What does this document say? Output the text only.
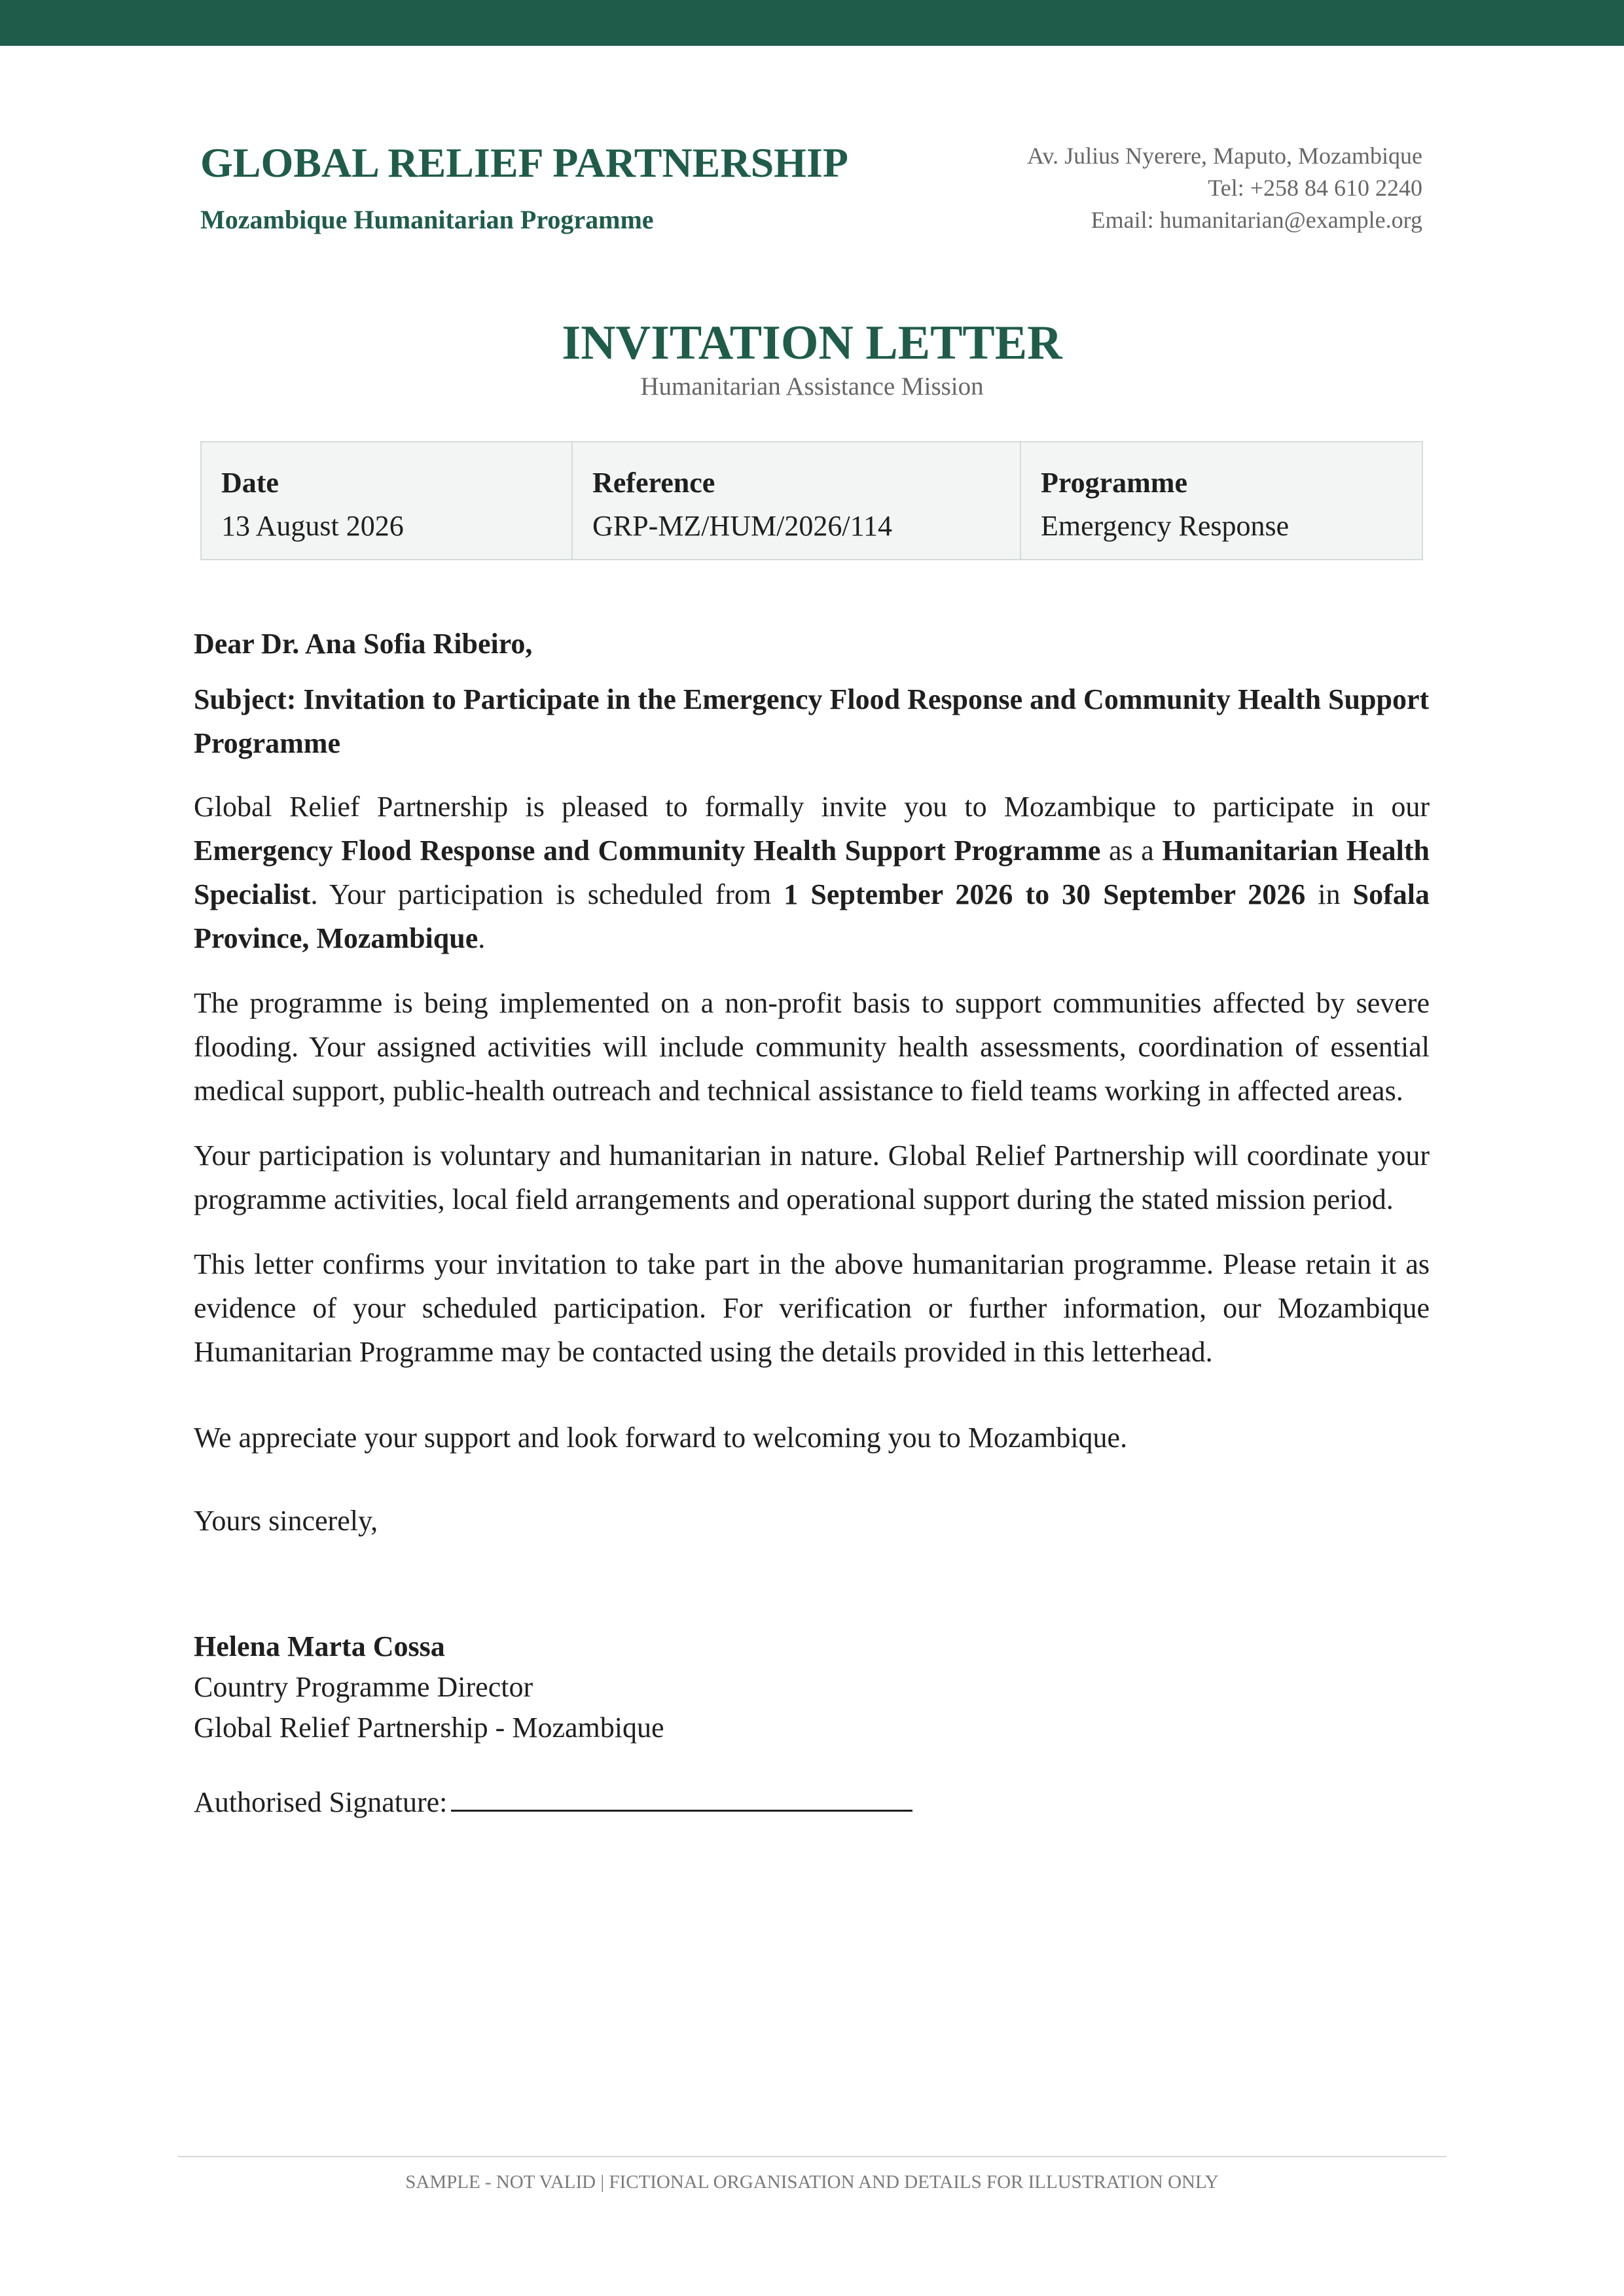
GLOBAL RELIEF PARTNERSHIP
Mozambique Humanitarian Programme
Av. Julius Nyerere, Maputo, Mozambique
Tel: +258 84 610 2240
Email: humanitarian@example.org
INVITATION LETTER
Humanitarian Assistance Mission
Date
13 August 2026
Reference
GRP-MZ/HUM/2026/114
Programme
Emergency Response

Dear Dr. Ana Sofia Ribeiro,

Subject: Invitation to Participate in the Emergency Flood Response and Community Health Support Programme

Global Relief Partnership is pleased to formally invite you to Mozambique to participate in our Emergency Flood Response and Community Health Support Programme as a Humanitarian Health Specialist. Your participation is scheduled from 1 September 2026 to 30 September 2026 in Sofala Province, Mozambique.

The programme is being implemented on a non-profit basis to support communities affected by severe flooding. Your assigned activities will include community health assessments, coordination of essential medical support, public-health outreach and technical assistance to field teams working in affected areas.

Your participation is voluntary and humanitarian in nature. Global Relief Partnership will coordinate your programme activities, local field arrangements and operational support during the stated mission period.

This letter confirms your invitation to take part in the above humanitarian programme. Please retain it as evidence of your scheduled participation. For verification or further information, our Mozambique Humanitarian Programme may be contacted using the details provided in this letterhead.

We appreciate your support and look forward to welcoming you to Mozambique.

Yours sincerely,

Helena Marta Cossa

Country Programme Director

Global Relief Partnership - Mozambique

Authorised Signature:

SAMPLE - NOT VALID | FICTIONAL ORGANISATION AND DETAILS FOR ILLUSTRATION ONLY
